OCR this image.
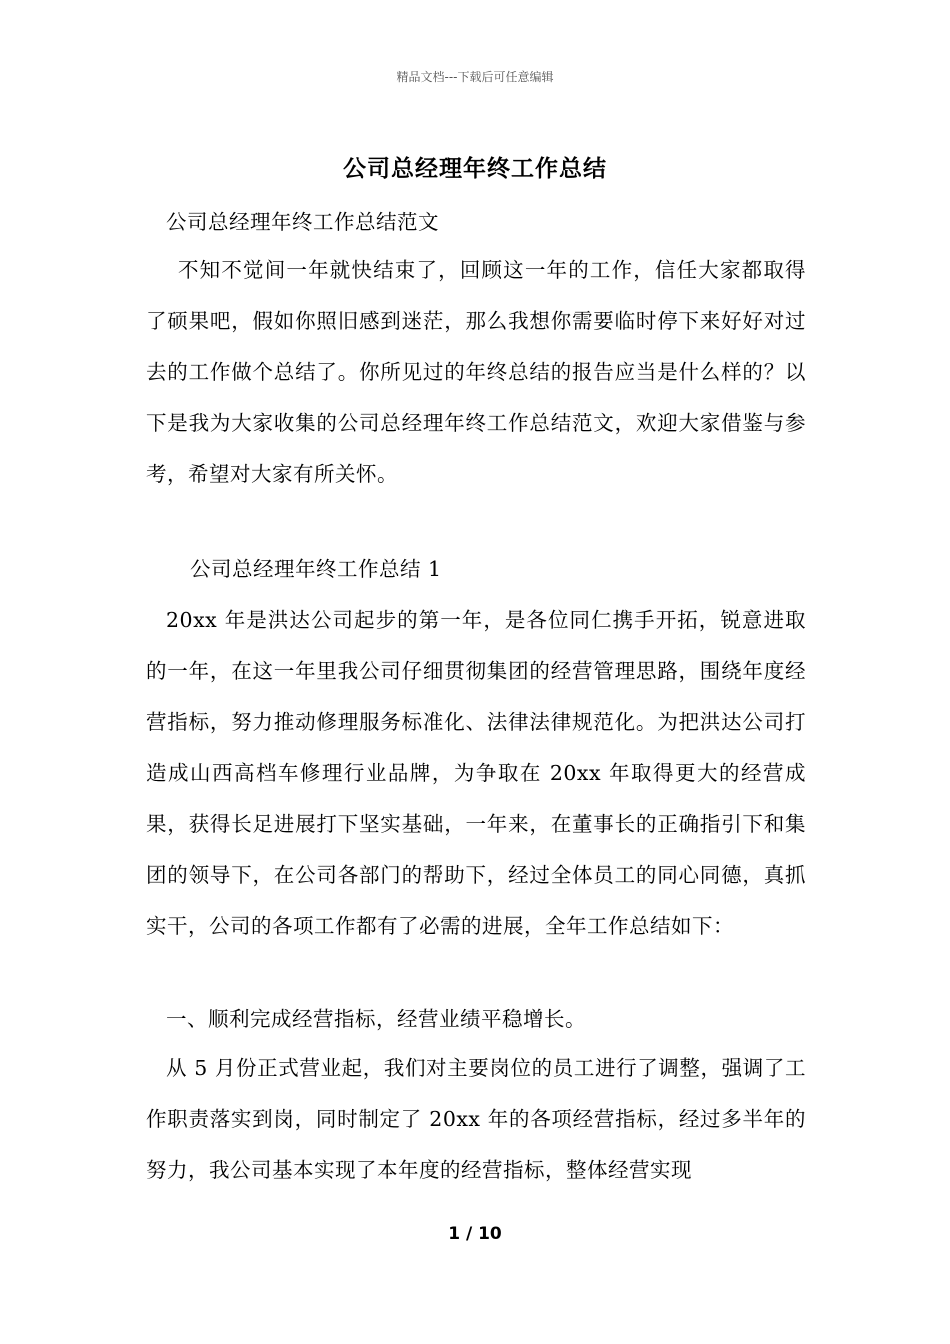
精品文档---下载后可任意编辑
公司总经理年终工作总结

公司总经理年终工作总结范文

不知不觉间一年就快结束了，回顾这一年的工作，信任大家都取得了硕果吧，假如你照旧感到迷茫，那么我想你需要临时停下来好好对过去的工作做个总结了。你所见过的年终总结的报告应当是什么样的？以下是我为大家收集的公司总经理年终工作总结范文，欢迎大家借鉴与参考，希望对大家有所关怀。

公司总经理年终工作总结 1

20xx 年是洪达公司起步的第一年，是各位同仁携手开拓，锐意进取的一年，在这一年里我公司仔细贯彻集团的经营管理思路，围绕年度经营指标，努力推动修理服务标准化、法律法律规范化。为把洪达公司打造成山西高档车修理行业品牌，为争取在 20xx 年取得更大的经营成果，获得长足进展打下坚实基础，一年来，在董事长的正确指引下和集团的领导下，在公司各部门的帮助下，经过全体员工的同心同德，真抓实干，公司的各项工作都有了必需的进展，全年工作总结如下：

一、顺利完成经营指标，经营业绩平稳增长。

从 5 月份正式营业起，我们对主要岗位的员工进行了调整，强调了工作职责落实到岗，同时制定了 20xx 年的各项经营指标，经过多半年的努力，我公司基本实现了本年度的经营指标，整体经营实现

1 / 10
